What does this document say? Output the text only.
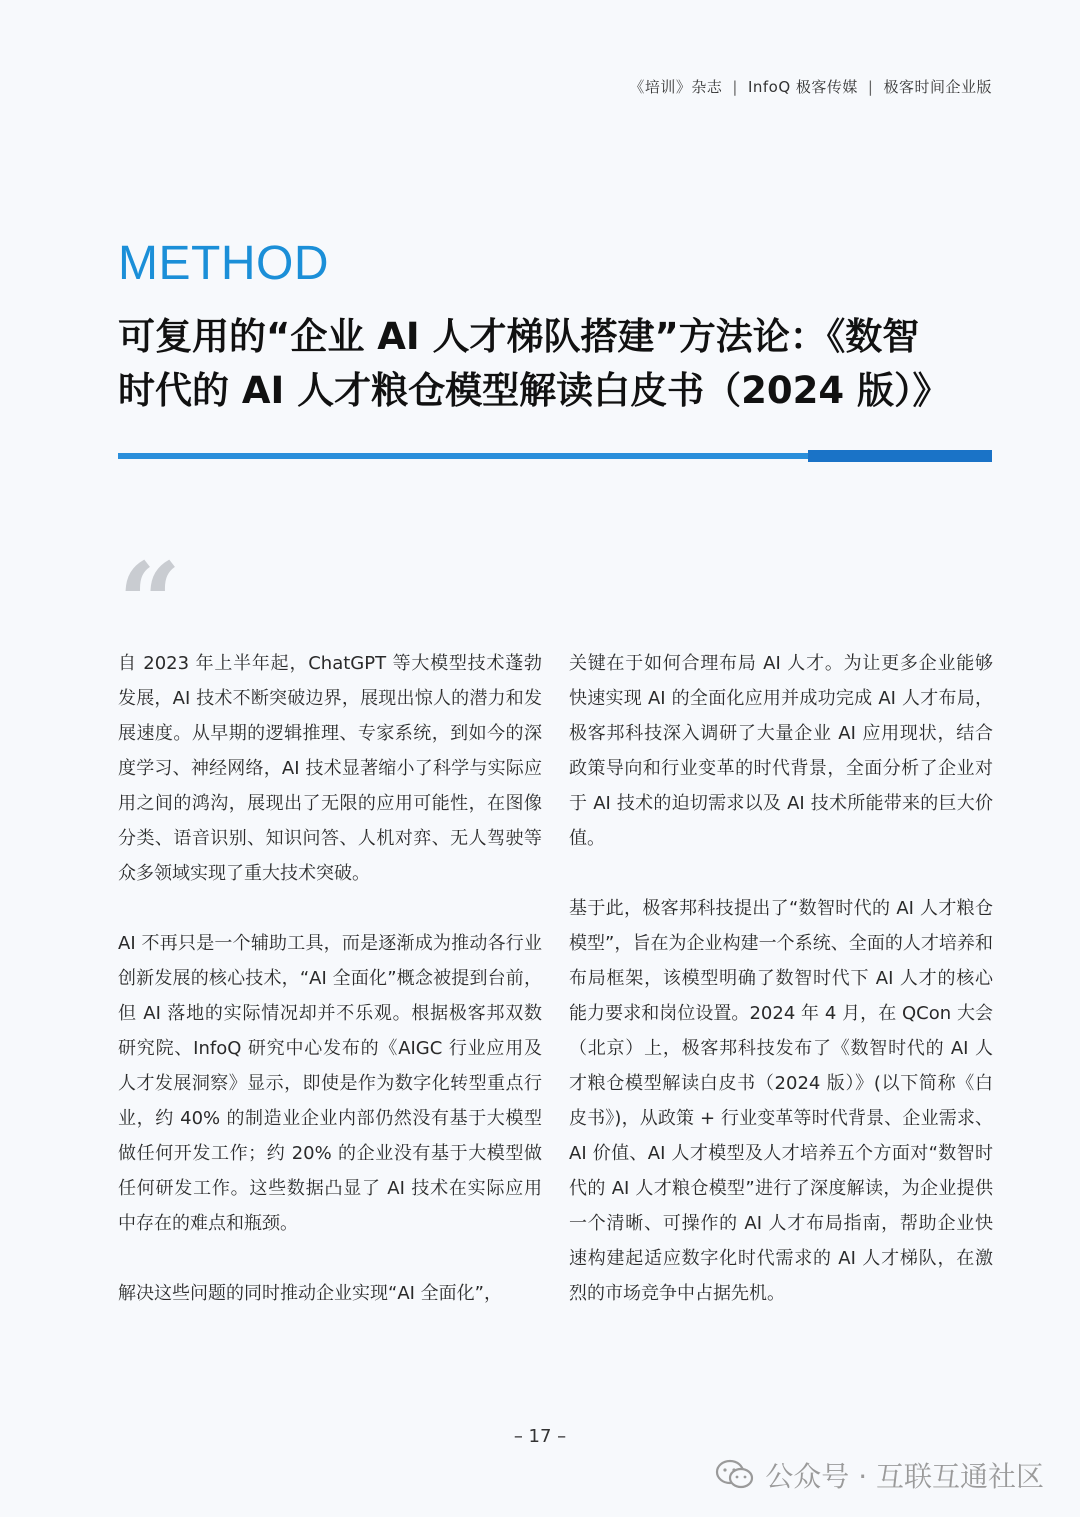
《培训》杂志 | InfoQ 极客传媒 | 极客时间企业版
METHOD
可复用的“企业 AI 人才梯队搭建”方法论：《数智
时代的 AI 人才粮仓模型解读白皮书（2024 版）》
“

自 2023 年上半年起，ChatGPT 等大模型技术蓬勃发展，AI 技术不断突破边界，展现出惊人的潜力和发展速度。从早期的逻辑推理、专家系统，到如今的深度学习、神经网络，AI 技术显著缩小了科学与实际应用之间的鸿沟，展现出了无限的应用可能性，在图像分类、语音识别、知识问答、人机对弈、无人驾驶等众多领域实现了重大技术突破。

AI 不再只是一个辅助工具，而是逐渐成为推动各行业创新发展的核心技术，“AI 全面化”概念被提到台前，但 AI 落地的实际情况却并不乐观。根据极客邦双数研究院、InfoQ 研究中心发布的《AIGC 行业应用及人才发展洞察》显示，即使是作为数字化转型重点行业，约 40% 的制造业企业内部仍然没有基于大模型做任何开发工作；约 20% 的企业没有基于大模型做任何研发工作。这些数据凸显了 AI 技术在实际应用中存在的难点和瓶颈。

解决这些问题的同时推动企业实现“AI 全面化”，

关键在于如何合理布局 AI 人才。为让更多企业能够快速实现 AI 的全面化应用并成功完成 AI 人才布局，极客邦科技深入调研了大量企业 AI 应用现状，结合政策导向和行业变革的时代背景，全面分析了企业对于 AI 技术的迫切需求以及 AI 技术所能带来的巨大价值。

基于此，极客邦科技提出了“数智时代的 AI 人才粮仓模型”，旨在为企业构建一个系统、全面的人才培养和布局框架，该模型明确了数智时代下 AI 人才的核心能力要求和岗位设置。2024 年 4 月，在 QCon 大会（北京）上，极客邦科技发布了《数智时代的 AI 人才粮仓模型解读白皮书（2024 版）》(以下简称《白皮书》)，从政策 + 行业变革等时代背景、企业需求、AI 价值、AI 人才模型及人才培养五个方面对“数智时代的 AI 人才粮仓模型”进行了深度解读，为企业提供一个清晰、可操作的 AI 人才布局指南，帮助企业快速构建起适应数字化时代需求的 AI 人才梯队，在激烈的市场竞争中占据先机。

– 17 –
公众号 · 互联互通社区
